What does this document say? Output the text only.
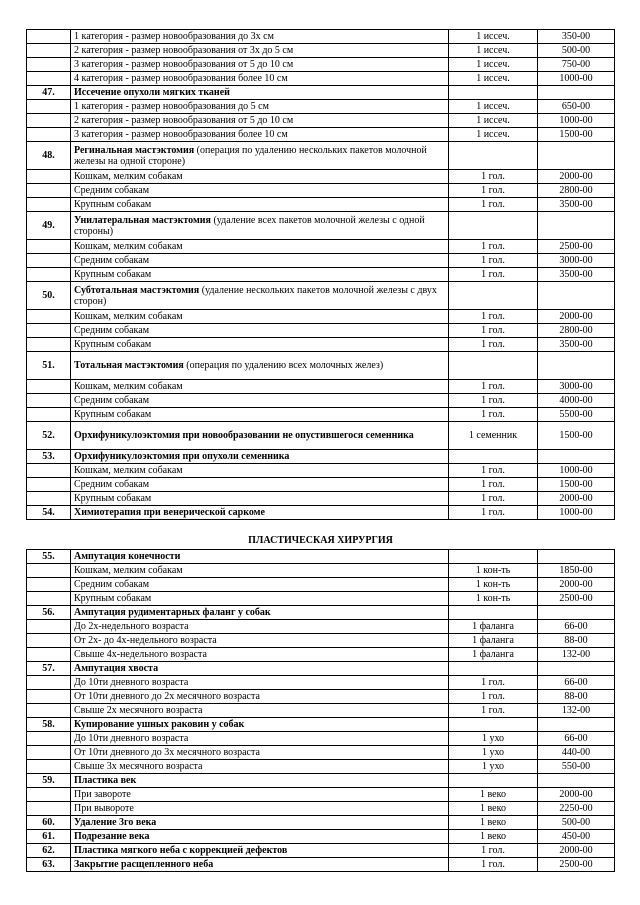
	1 категория - размер новообразования до 3х см	1 иссеч.	350-00
	2 категория - размер новообразования от 3х до 5 см	1 иссеч.	500-00
	3 категория - размер новообразования от 5 до 10 см	1 иссеч.	750-00
	4 категория - размер новообразования более 10 см	1 иссеч.	1000-00
47.	Иссечение опухоли мягких тканей		
	1 категория - размер новообразования до 5 см	1 иссеч.	650-00
	2 категория - размер новообразования от 5 до 10 см	1 иссеч.	1000-00
	3 категория - размер новообразования более 10 см	1 иссеч.	1500-00
48.	Регинальная мастэктомия (операция по удалению нескольких пакетов молочной железы на одной стороне)		
	Кошкам, мелким собакам	1 гол.	2000-00
	Средним собакам	1 гол.	2800-00
	Крупным собакам	1 гол.	3500-00
49.	Унилатеральная мастэктомия (удаление всех пакетов молочной железы с одной стороны)		
	Кошкам, мелким собакам	1 гол.	2500-00
	Средним собакам	1 гол.	3000-00
	Крупным собакам	1 гол.	3500-00
50.	Субтотальная мастэктомия (удаление нескольких пакетов молочной железы с двух сторон)		
	Кошкам, мелким собакам	1 гол.	2000-00
	Средним собакам	1 гол.	2800-00
	Крупным собакам	1 гол.	3500-00
51.	Тотальная мастэктомия (операция по удалению всех молочных желез)		
	Кошкам, мелким собакам	1 гол.	3000-00
	Средним собакам	1 гол.	4000-00
	Крупным собакам	1 гол.	5500-00
52.	Орхифуникулоэктомия при новообразовании не опустившегося семенника	1 семенник	1500-00
53.	Орхифуникулоэктомия при опухоли семенника		
	Кошкам, мелким собакам	1 гол.	1000-00
	Средним собакам	1 гол.	1500-00
	Крупным собакам	1 гол.	2000-00
54.	Химиотерапия при венерической саркоме	1 гол.	1000-00
ПЛАСТИЧЕСКАЯ ХИРУРГИЯ
55.	Ампутация конечности		
	Кошкам, мелким собакам	1 кон-ть	1850-00
	Средним собакам	1 кон-ть	2000-00
	Крупным собакам	1 кон-ть	2500-00
56.	Ампутация рудиментарных фаланг у собак		
	До 2х-недельного возраста	1 фаланга	66-00
	От 2х- до 4х-недельного возраста	1 фаланга	88-00
	Свыше 4х-недельного возраста	1 фаланга	132-00
57.	Ампутация хвоста		
	До 10ти дневного возраста	1 гол.	66-00
	От 10ти дневного до 2х месячного возраста	1 гол.	88-00
	Свыше 2х месячного возраста	1 гол.	132-00
58.	Купирование ушных раковин у собак		
	До 10ти дневного возраста	1 ухо	66-00
	От 10ти дневного до 3х месячного возраста	1 ухо	440-00
	Свыше 3х месячного возраста	1 ухо	550-00
59.	Пластика век		
	При завороте	1 веко	2000-00
	При вывороте	1 веко	2250-00
60.	Удаление 3го века	1 веко	500-00
61.	Подрезание века	1 веко	450-00
62.	Пластика мягкого неба с коррекцией дефектов	1 гол.	2000-00
63.	Закрытие расщепленного неба	1 гол.	2500-00
